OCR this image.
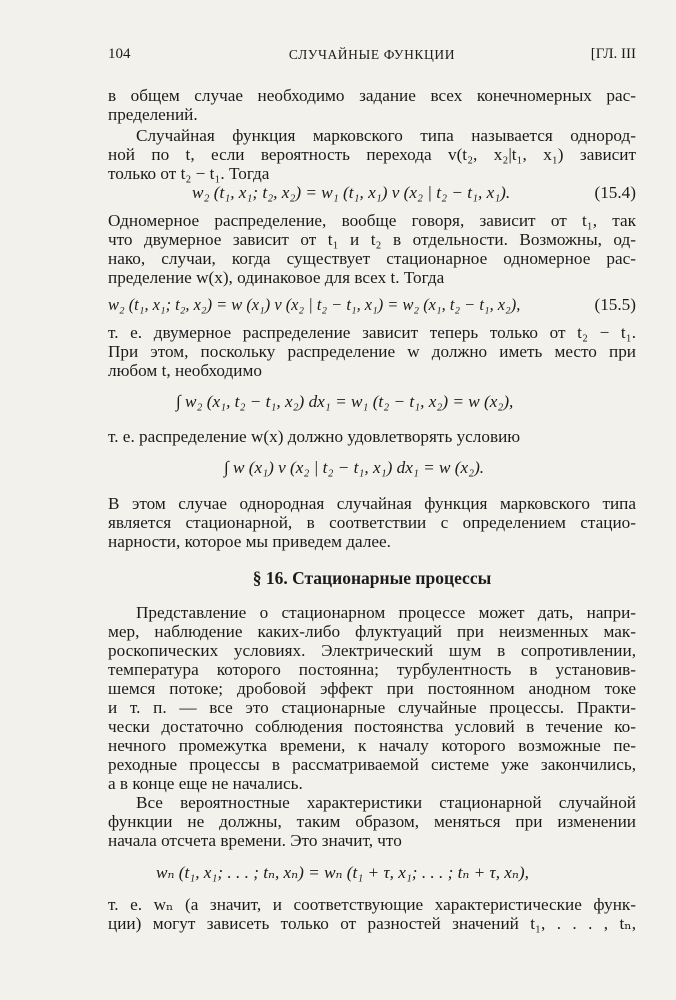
104	СЛУЧАЙНЫЕ ФУНКЦИИ	[ГЛ. III
в общем случае необходимо задание всех конечномерных рас-
пределений.
Случайная функция марковского типа называется однород-
ной по t, если вероятность перехода v(t₂, x₂|t₁, x₁) зависит
только от t₂ − t₁. Тогда
w₂ (t₁, x₁; t₂, x₂) = w₁ (t₁, x₁) v (x₂ | t₂ − t₁, x₁).	(15.4)
Одномерное распределение, вообще говоря, зависит от t₁, так
что двумерное зависит от t₁ и t₂ в отдельности. Возможны, од-
нако, случаи, когда существует стационарное одномерное рас-
пределение w(x), одинаковое для всех t. Тогда
w₂ (t₁, x₁; t₂, x₂) = w (x₁) v (x₂ | t₂ − t₁, x₁) = w₂ (x₁, t₂ − t₁, x₂),	(15.5)
т. е. двумерное распределение зависит теперь только от t₂ − t₁.
При этом, поскольку распределение w должно иметь место при
любом t, необходимо
∫ w₂ (x₁, t₂ − t₁, x₂) dx₁ = w₁ (t₂ − t₁, x₂) = w (x₂),
т. е. распределение w(x) должно удовлетворять условию
∫ w (x₁) v (x₂ | t₂ − t₁, x₁) dx₁ = w (x₂).
В этом случае однородная случайная функция марковского типа
является стационарной, в соответствии с определением стацио-
нарности, которое мы приведем далее.
§ 16. Стационарные процессы
Представление о стационарном процессе может дать, напри-
мер, наблюдение каких-либо флуктуаций при неизменных мак-
роскопических условиях. Электрический шум в сопротивлении,
температура которого постоянна; турбулентность в установив-
шемся потоке; дробовой эффект при постоянном анодном токе
и т. п. — все это стационарные случайные процессы. Практи-
чески достаточно соблюдения постоянства условий в течение ко-
нечного промежутка времени, к началу которого возможные пе-
реходные процессы в рассматриваемой системе уже закончились,
а в конце еще не начались.
Все вероятностные характеристики стационарной случайной
функции не должны, таким образом, меняться при изменении
начала отсчета времени. Это значит, что
wₙ (t₁, x₁; . . . ; tₙ, xₙ) = wₙ (t₁ + τ, x₁; . . . ; tₙ + τ, xₙ),
т. е. wₙ (а значит, и соответствующие характеристические функ-
ции) могут зависеть только от разностей значений t₁, . . . , tₙ,
